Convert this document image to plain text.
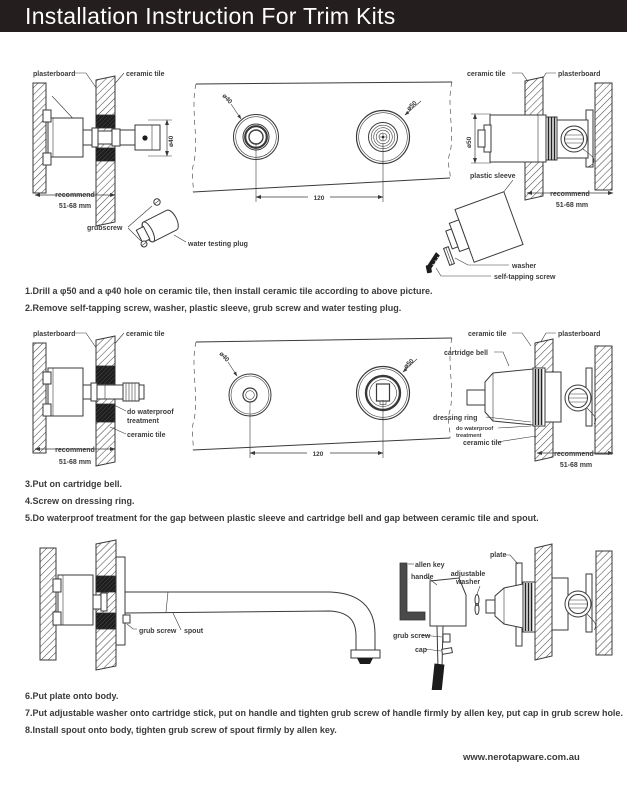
Installation Instruction For Trim Kits
plasterboard	ceramic tile
ø40
recommend
51-68 mm
ø40
ø50
120
grubscrew
water testing plug
ceramic tile	plasterboard
ø50
plastic sleeve
washer
self-tapping screw
recommend
51-68 mm
1.Drill a φ50 and a φ40 hole on ceramic tile, then install ceramic tile according to above picture.
2.Remove self-tapping screw, washer, plastic sleeve, grub screw and water testing plug.
plasterboard	ceramic tile
do waterproof
treatment
ceramic tile
recommend
51-68 mm
ø40
ø50
120
ceramic tile	plasterboard
cartridge bell
dressing ring
do waterproof
treatment
ceramic tile
recommend
51-68 mm
3.Put on cartridge bell.
4.Screw on dressing ring.
5.Do waterproof treatment for the gap between plastic sleeve and cartridge bell and gap between ceramic tile and spout.
grub screw spout
allen key
handle
grub screw
cap
adjustable
washer
plate
6.Put plate onto body.
7.Put adjustable washer onto cartridge stick, put on handle and tighten grub screw of handle firmly by allen key, put cap in grub screw hole.
8.Install spout onto body, tighten grub screw of spout firmly by allen key.
www.nerotapware.com.au
